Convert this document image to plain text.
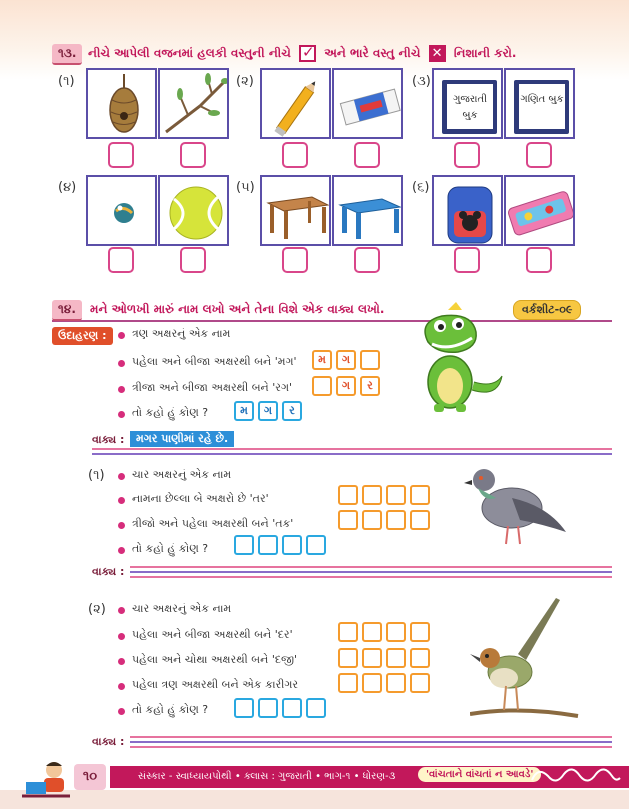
૧૩. નીચે આપેલી વજનમાં હલકી વસ્તુની નીચે ✓ અને ભારે વસ્તુ નીચે ✕ નિશાની કરો.
(૧)	(૨)	(૩)
ગુજરાતી બુક
ગણિત બુક
(૪)	(૫)	(૬)
૧૪.	મને ઓળખી મારું નામ લખો અને તેના વિશે એક વાક્ય લખો.	વર્કશીટ-૦૯
ઉદાહરણ :	ત્રણ અક્ષરનું એક નામ
પહેલા અને બીજા અક્ષરથી બને 'મગ'	મ	ગ
ત્રીજા અને બીજા અક્ષરથી બને 'રગ'	ગ	ર
તો કહો હું કોણ ?	મ	ગ	ર
વાક્ય :	મગર પાણીમાં રહે છે.
(૧) ચાર અક્ષરનું એક નામ
નામના છેલ્લા બે અક્ષરો છે 'તર'
ત્રીજો અને પહેલા અક્ષરથી બને 'તક'
તો કહો હું કોણ ?
વાક્ય :
(૨) ચાર અક્ષરનું એક નામ
પહેલા અને બીજા અક્ષરથી બને 'દર'
પહેલા અને ચોથા અક્ષરથી બને 'દજી'
પહેલા ત્રણ અક્ષરથી બને એક કારીગર
તો કહો હું કોણ ?
વાક્ય :
સંસ્કાર - સ્વાધ્યાયપોથી • ક્લાસ : ગુજરાતી • ભાગ-૧ • ધોરણ-૩
૧૦	'વાંચતાને વાંચતાં ન આવડે'
